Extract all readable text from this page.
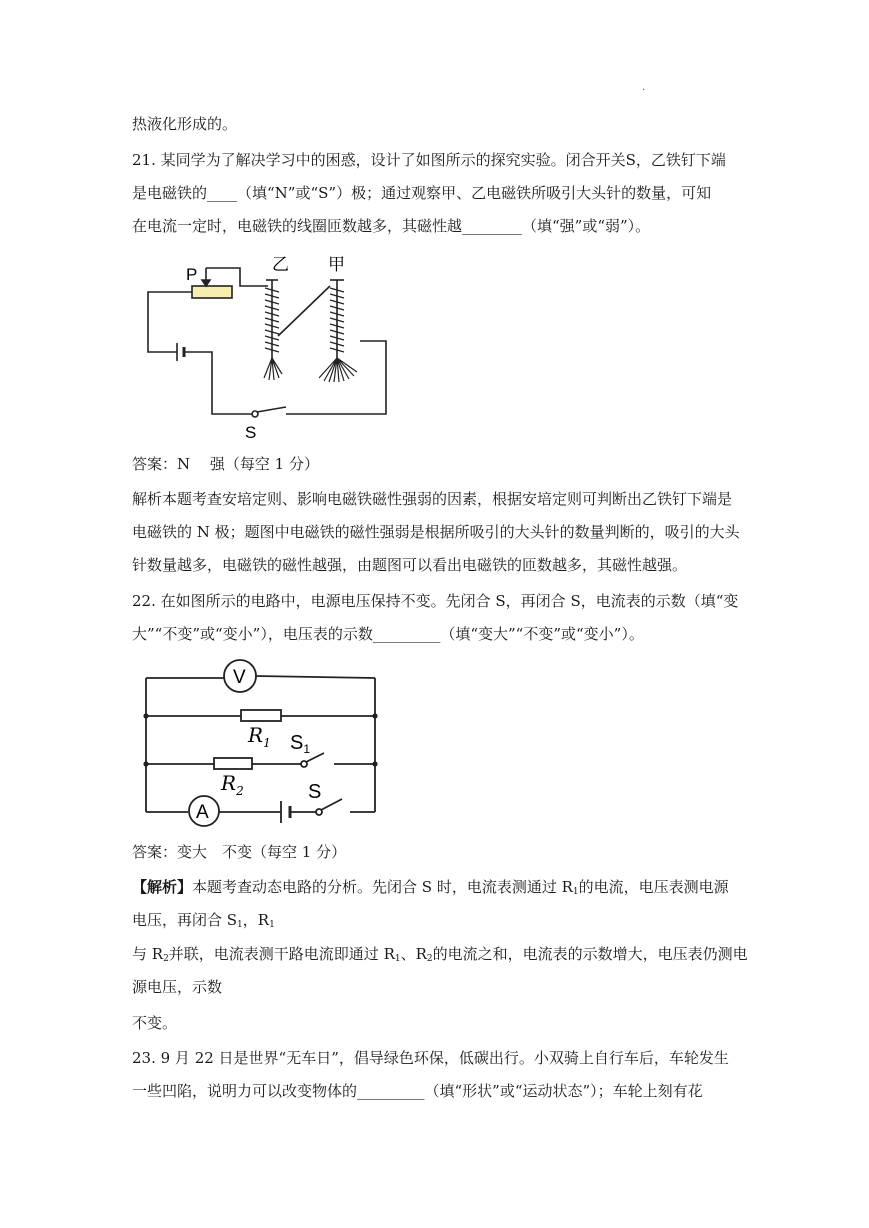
.
热液化形成的。
21. 某同学为了解决学习中的困惑，设计了如图所示的探究实验。闭合开关S，乙铁钉下端
是电磁铁的____（填“N”或“S”）极；通过观察甲、乙电磁铁所吸引大头针的数量，可知
在电流一定时，电磁铁的线圈匝数越多，其磁性越________（填“强”或“弱”）。
P	乙 甲
S
答案：N　 强（每空 1 分）
解析本题考查安培定则、影响电磁铁磁性强弱的因素，根据安培定则可判断出乙铁钉下端是
电磁铁的 N 极；题图中电磁铁的磁性强弱是根据所吸引的大头针的数量判断的，吸引的大头
针数量越多，电磁铁的磁性越强，由题图可以看出电磁铁的匝数越多，其磁性越强。
22. 在如图所示的电路中，电源电压保持不变。先闭合 S，再闭合 S，电流表的示数（填“变
大”“不变”或“变小”），电压表的示数_________（填“变大”“不变”或“变小”）。
V
A
$R_1$
$R_2$
$S_1$
S
答案：变大　不变（每空 1 分）
【解析】本题考查动态电路的分析。先闭合 S 时，电流表测通过 $R_1$的电流，电压表测电源
电压，再闭合 $S_1$，$R_1$
与 $R_2$并联，电流表测干路电流即通过 $R_1$、$R_2$的电流之和，电流表的示数增大，电压表仍测电
源电压，示数
不变。
23. 9 月 22 日是世界“无车日”，倡导绿色环保，低碳出行。小双骑上自行车后，车轮发生
一些凹陷，说明力可以改变物体的_________（填“形状”或“运动状态”）；车轮上刻有花
